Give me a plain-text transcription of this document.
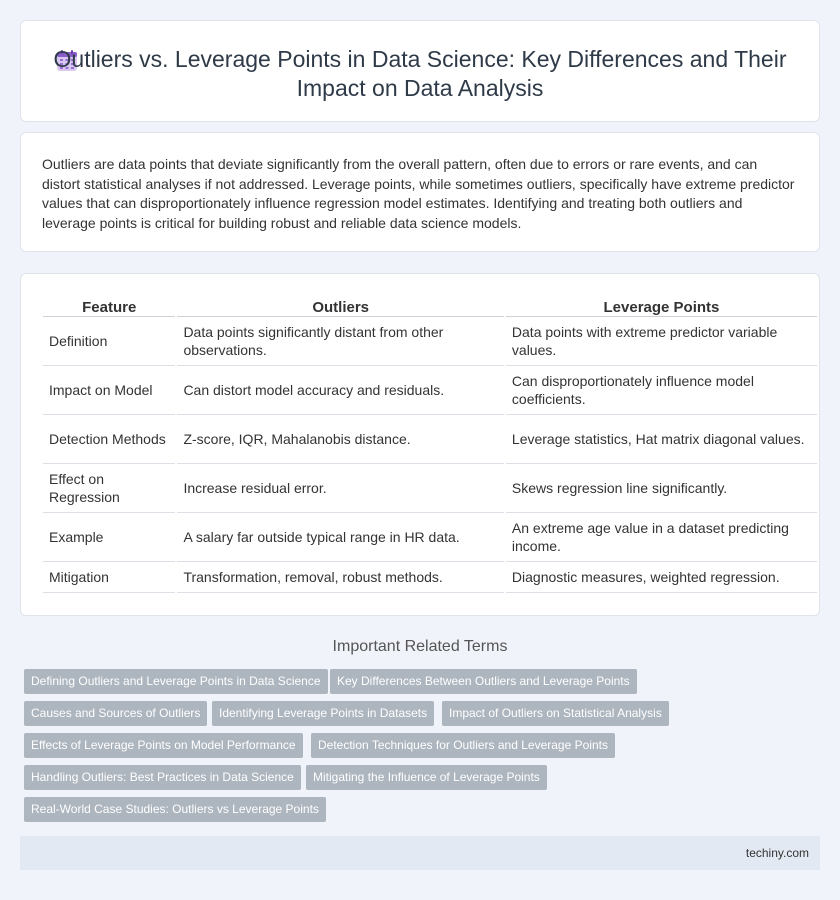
Outliers vs. Leverage Points in Data Science: Key Differences and Their Impact on Data Analysis

Outliers are data points that deviate significantly from the overall pattern, often due to errors or rare events, and can distort statistical analyses if not addressed. Leverage points, while sometimes outliers, specifically have extreme predictor values that can disproportionately influence regression model estimates. Identifying and treating both outliers and leverage points is critical for building robust and reliable data science models.

Feature	Outliers	Leverage Points
Definition	Data points significantly distant from other observations.	Data points with extreme predictor variable values.
Impact on Model	Can distort model accuracy and residuals.	Can disproportionately influence model coefficients.
Detection Methods	Z-score, IQR, Mahalanobis distance.	Leverage statistics, Hat matrix diagonal values.
Effect on Regression	Increase residual error.	Skews regression line significantly.
Example	A salary far outside typical range in HR data.	An extreme age value in a dataset predicting income.
Mitigation	Transformation, removal, robust methods.	Diagnostic measures, weighted regression.
Important Related Terms
Defining Outliers and Leverage Points in Data Science	Key Differences Between Outliers and Leverage Points
Causes and Sources of Outliers	Identifying Leverage Points in Datasets	Impact of Outliers on Statistical Analysis
Effects of Leverage Points on Model Performance	Detection Techniques for Outliers and Leverage Points
Handling Outliers: Best Practices in Data Science	Mitigating the Influence of Leverage Points
Real-World Case Studies: Outliers vs Leverage Points
techiny.com
